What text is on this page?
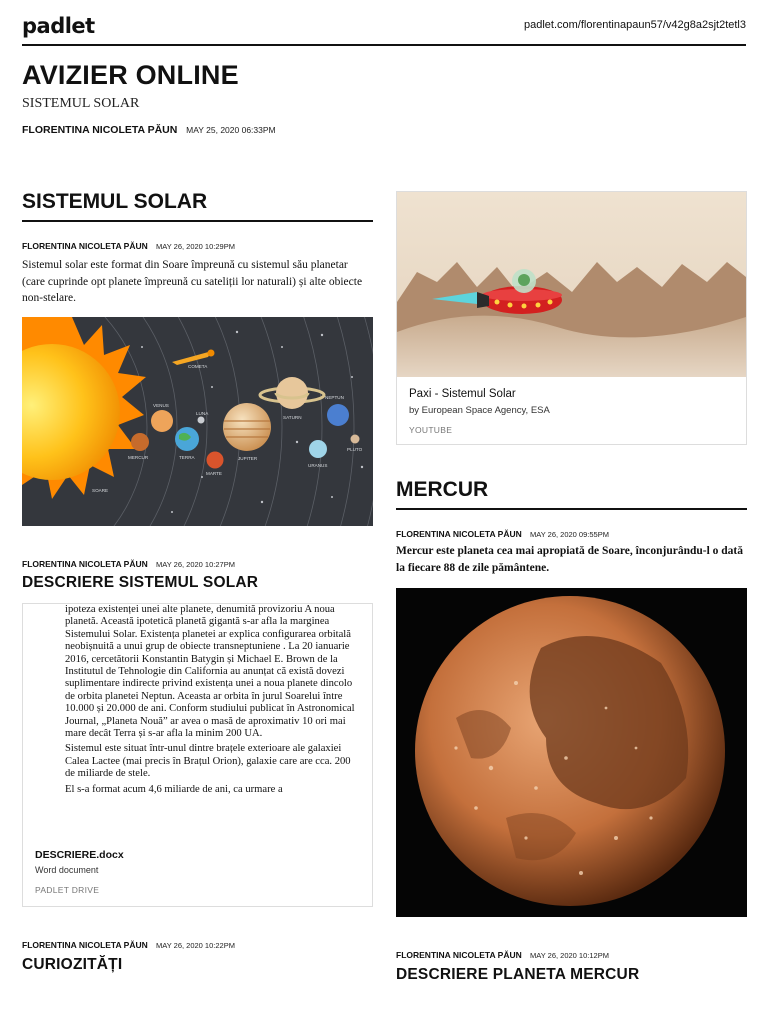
padlet	padlet.com/florentinapaun57/v42g8a2sjt2tetl3
AVIZIER ONLINE
SISTEMUL SOLAR
FLORENTINA NICOLETA PĂUN MAY 25, 2020 06:33PM
SISTEMUL SOLAR
FLORENTINA NICOLETA PĂUN MAY 26, 2020 10:29PM
Sistemul solar este format din Soare împreună cu sistemul său planetar (care cuprinde opt planete împreună cu sateliții lor naturali) și alte obiecte non-stelare.
COMETA
VENUS
LUNA
NEPTUN
SATURN
MERCUR	TERRA	JUPITER
URANUS
PLUTO
MARTE
SOARE
FLORENTINA NICOLETA PĂUN MAY 26, 2020 10:27PM
DESCRIERE SISTEMUL SOLAR

ipoteza existenței unei alte planete, denumită provizoriu A noua planetă. Această ipotetică planetă gigantă s-ar afla la marginea Sistemului Solar. Existența planetei ar explica configurarea orbitală neobișnuită a unui grup de obiecte transneptuniene . La 20 ianuarie 2016, cercetătorii Konstantin Batygin și Michael E. Brown de la Institutul de Tehnologie din California au anunțat că există dovezi suplimentare indirecte privind existența unei a noua planete dincolo de orbita planetei Neptun. Aceasta ar orbita în jurul Soarelui între 10.000 și 20.000 de ani. Conform studiului publicat în Astronomical Journal, „Planeta Nouă” ar avea o masă de aproximativ 10 ori mai mare decât Terra și s-ar afla la minim 200 UA.

Sistemul este situat într-unul dintre brațele exterioare ale galaxiei Calea Lactee (mai precis în Brațul Orion), galaxie care are cca. 200 de miliarde de stele.

El s-a format acum 4,6 miliarde de ani, ca urmare a

DESCRIERE.docx
Word document
PADLET DRIVE
FLORENTINA NICOLETA PĂUN MAY 26, 2020 10:22PM
CURIOZITĂȚI
Paxi - Sistemul Solar
by European Space Agency, ESA
YOUTUBE
MERCUR
FLORENTINA NICOLETA PĂUN MAY 26, 2020 09:55PM
Mercur este planeta cea mai apropiată de Soare, înconjurându-l o dată la fiecare 88 de zile pământene.
FLORENTINA NICOLETA PĂUN MAY 26, 2020 10:12PM
DESCRIERE PLANETA MERCUR
